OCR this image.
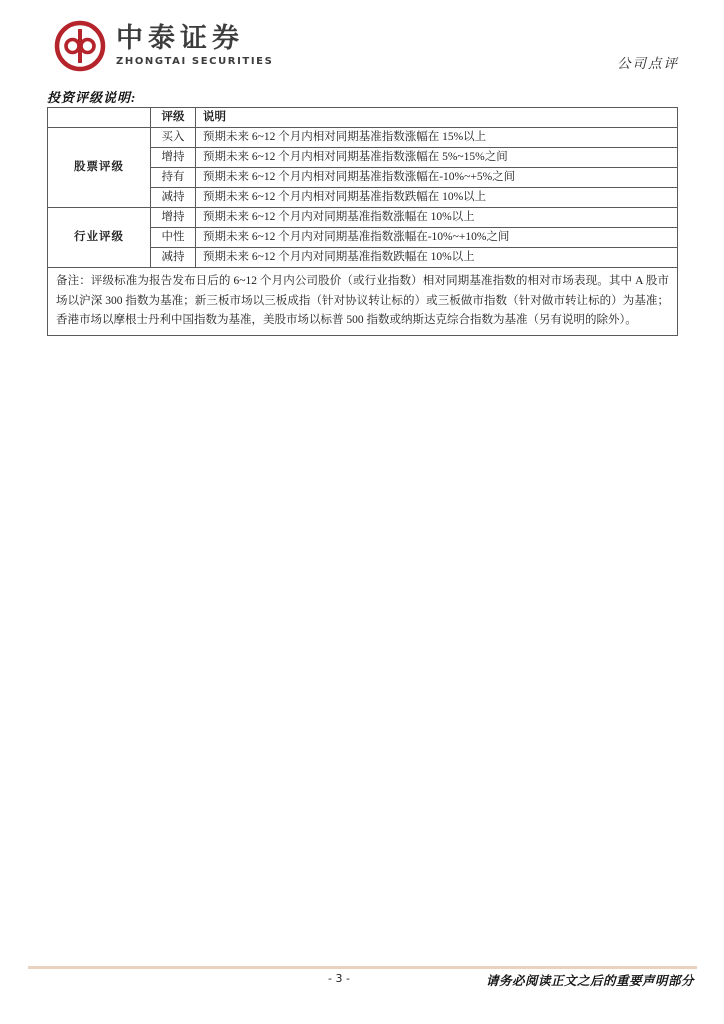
中泰证券
ZHONGTAI SECURITIES	公司点评
投资评级说明:
	评级	说明
股票评级	买入	预期未来 6~12 个月内相对同期基准指数涨幅在 15%以上
	增持	预期未来 6~12 个月内相对同期基准指数涨幅在 5%~15%之间
	持有	预期未来 6~12 个月内相对同期基准指数涨幅在-10%~+5%之间
	减持	预期未来 6~12 个月内相对同期基准指数跌幅在 10%以上
行业评级	增持	预期未来 6~12 个月内对同期基准指数涨幅在 10%以上
	中性	预期未来 6~12 个月内对同期基准指数涨幅在-10%~+10%之间
	减持	预期未来 6~12 个月内对同期基准指数跌幅在 10%以上
备注：评级标准为报告发布日后的 6~12 个月内公司股价（或行业指数）相对同期基准指数的相对市场表现。其中 A 股市场以沪深 300 指数为基准；新三板市场以三板成指（针对协议转让标的）或三板做市指数（针对做市转让标的）为基准；香港市场以摩根士丹利中国指数为基准，美股市场以标普 500 指数或纳斯达克综合指数为基准（另有说明的除外）。		
- 3 -	请务必阅读正文之后的重要声明部分
